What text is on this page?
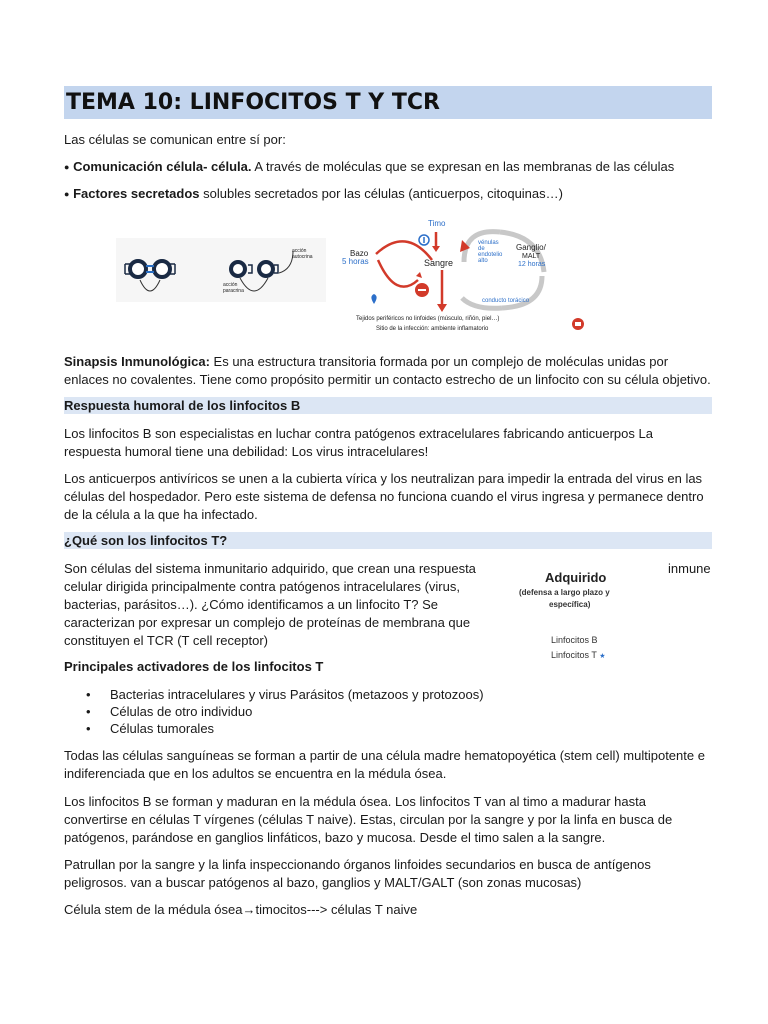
TEMA 10: LINFOCITOS T Y TCR

Las células se comunican entre sí por:

● Comunicación célula- célula. A través de moléculas que se expresan en las membranas de las células

● Factores secretados solubles secretados por las células (anticuerpos, citoquinas…)

acción
paracrina
acción
autocrina
Timo
Bazo
5 horas	Sangre
vénulas
de
endotelio
alto
Ganglio/
MALT
12 horas
conducto torácico
Tejidos periféricos no linfoides (músculo, riñón, piel…)
Sitio de la infección: ambiente inflamatorio

Sinapsis Inmunológica: Es una estructura transitoria formada por un complejo de moléculas unidas por enlaces no covalentes. Tiene como propósito permitir un contacto estrecho de un linfocito con su célula objetivo.

Respuesta humoral de los linfocitos B

Los linfocitos B son especialistas en luchar contra patógenos extracelulares fabricando anticuerpos La respuesta humoral tiene una debilidad: Los virus intracelulares!

Los anticuerpos antivíricos se unen a la cubierta vírica y los neutralizan para impedir la entrada del virus en las células del hospedador. Pero este sistema de defensa no funciona cuando el virus ingresa y permanece dentro de la célula a la que ha infectado.

¿Qué son los linfocitos T?

Son células del sistema inmunitario adquirido, que crean una respuesta	inmune

celular dirigida principalmente contra patógenos intracelulares (virus,

bacterias, parásitos…). ¿Cómo identificamos a un linfocito T? Se

caracterizan por expresar un complejo de proteínas de membrana que

constituyen el TCR (T cell receptor)

Adquirido
(defensa a largo plazo y
específica)
Linfocitos B
Linfocitos T ★

Principales activadores de los linfocitos T

• Bacterias intracelulares y virus Parásitos (metazoos y protozoos)
• Células de otro individuo
• Células tumorales

Todas las células sanguíneas se forman a partir de una célula madre hematopoyética (stem cell) multipotente e indiferenciada que en los adultos se encuentra en la médula ósea.

Los linfocitos B se forman y maduran en la médula ósea. Los linfocitos T van al timo a madurar hasta convertirse en células T vírgenes (células T naive). Estas, circulan por la sangre y por la linfa en busca de patógenos, parándose en ganglios linfáticos, bazo y mucosa. Desde el timo salen a la sangre.

Patrullan por la sangre y la linfa inspeccionando órganos linfoides secundarios en busca de antígenos peligrosos. van a buscar patógenos al bazo, ganglios y MALT/GALT (son zonas mucosas)

Célula stem de la médula ósea→timocitos---> células T naive
